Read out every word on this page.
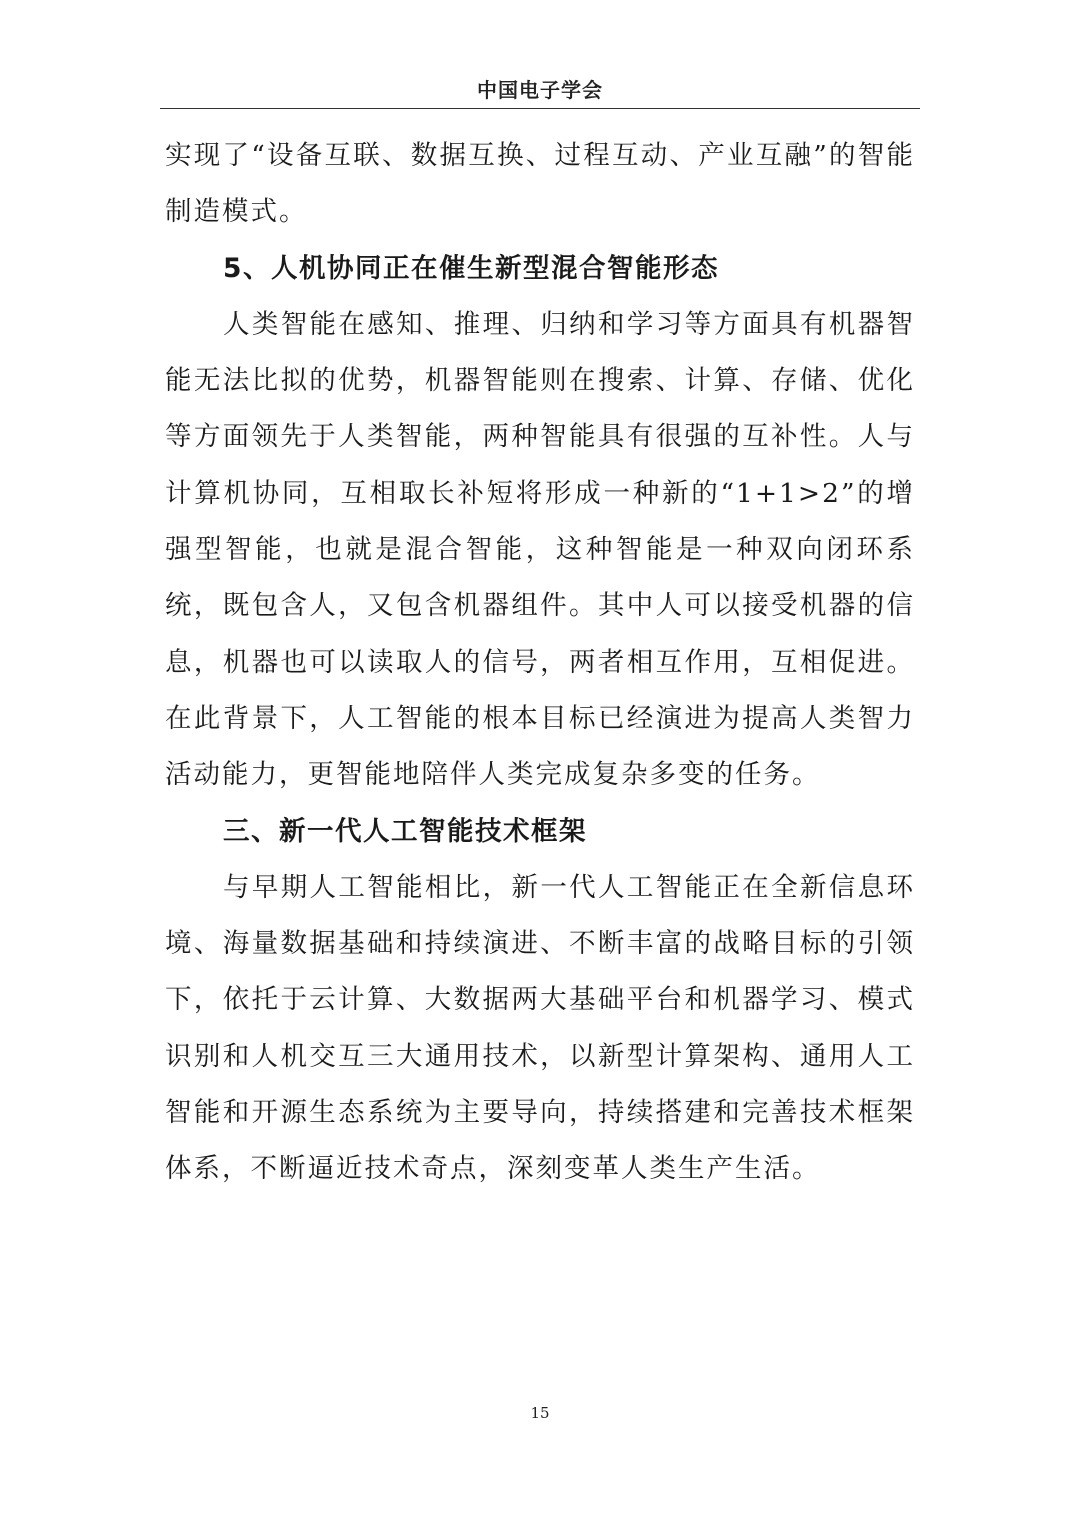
中国电子学会

实现了“设备互联、数据互换、过程互动、产业互融”的智能制造模式。

5、人机协同正在催生新型混合智能形态

人类智能在感知、推理、归纳和学习等方面具有机器智能无法比拟的优势，机器智能则在搜索、计算、存储、优化等方面领先于人类智能，两种智能具有很强的互补性。人与计算机协同，互相取长补短将形成一种新的“1+1>2”的增强型智能，也就是混合智能，这种智能是一种双向闭环系统，既包含人，又包含机器组件。其中人可以接受机器的信息，机器也可以读取人的信号，两者相互作用，互相促进。在此背景下，人工智能的根本目标已经演进为提高人类智力活动能力，更智能地陪伴人类完成复杂多变的任务。

三、新一代人工智能技术框架

与早期人工智能相比，新一代人工智能正在全新信息环境、海量数据基础和持续演进、不断丰富的战略目标的引领下，依托于云计算、大数据两大基础平台和机器学习、模式识别和人机交互三大通用技术，以新型计算架构、通用人工智能和开源生态系统为主要导向，持续搭建和完善技术框架体系，不断逼近技术奇点，深刻变革人类生产生活。

15
